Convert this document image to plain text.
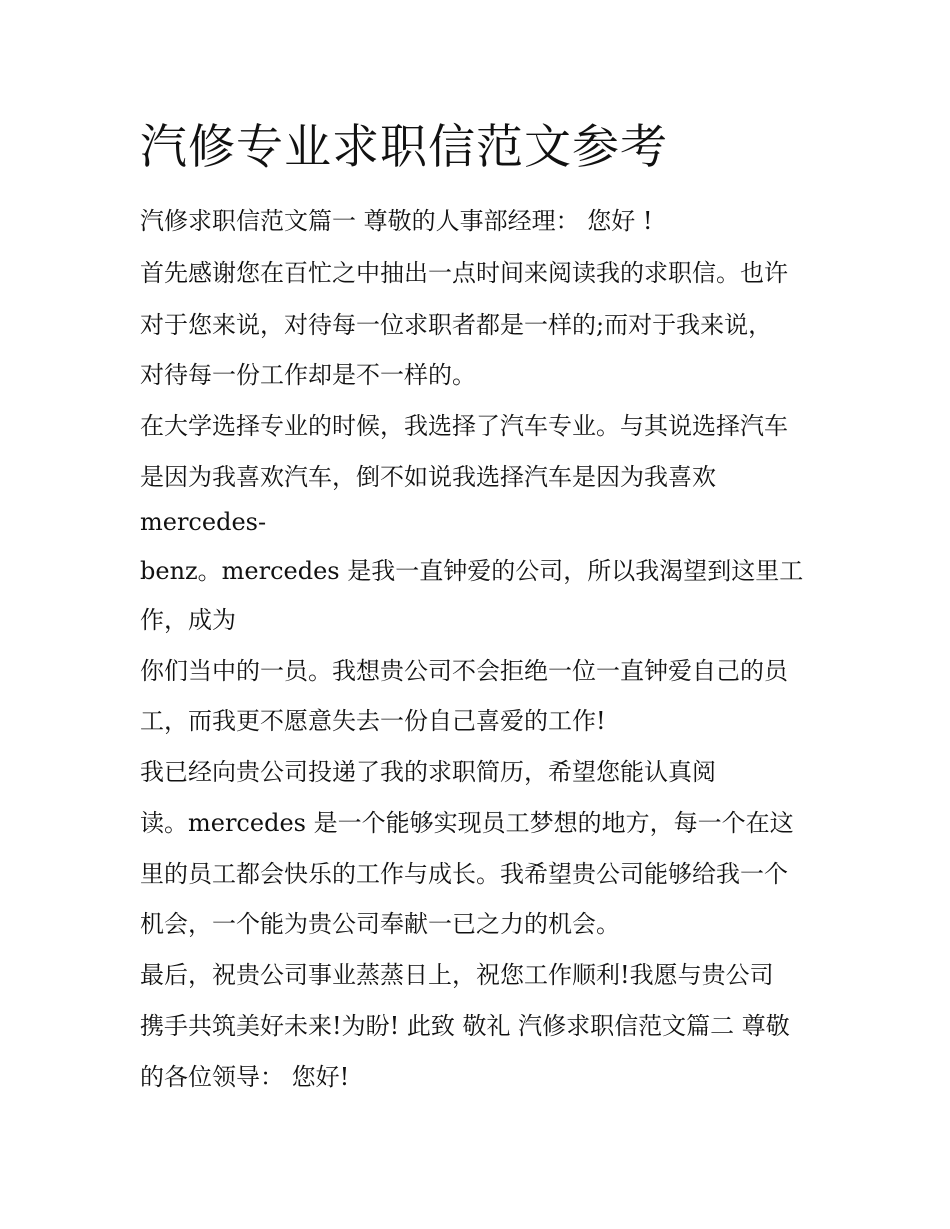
汽修专业求职信范文参考

汽修求职信范文篇一 尊敬的人事部经理： 您好 !

首先感谢您在百忙之中抽出一点时间来阅读我的求职信。也许

对于您来说，对待每一位求职者都是一样的;而对于我来说，

对待每一份工作却是不一样的。

在大学选择专业的时候，我选择了汽车专业。与其说选择汽车

是因为我喜欢汽车，倒不如说我选择汽车是因为我喜欢

mercedes-

benz。mercedes 是我一直钟爱的公司，所以我渴望到这里工

作，成为

你们当中的一员。我想贵公司不会拒绝一位一直钟爱自己的员

工，而我更不愿意失去一份自己喜爱的工作!

我已经向贵公司投递了我的求职简历，希望您能认真阅

读。mercedes 是一个能够实现员工梦想的地方，每一个在这

里的员工都会快乐的工作与成长。我希望贵公司能够给我一个

机会，一个能为贵公司奉献一已之力的机会。

最后，祝贵公司事业蒸蒸日上，祝您工作顺利!我愿与贵公司

携手共筑美好未来!为盼! 此致 敬礼 汽修求职信范文篇二 尊敬

的各位领导： 您好!
